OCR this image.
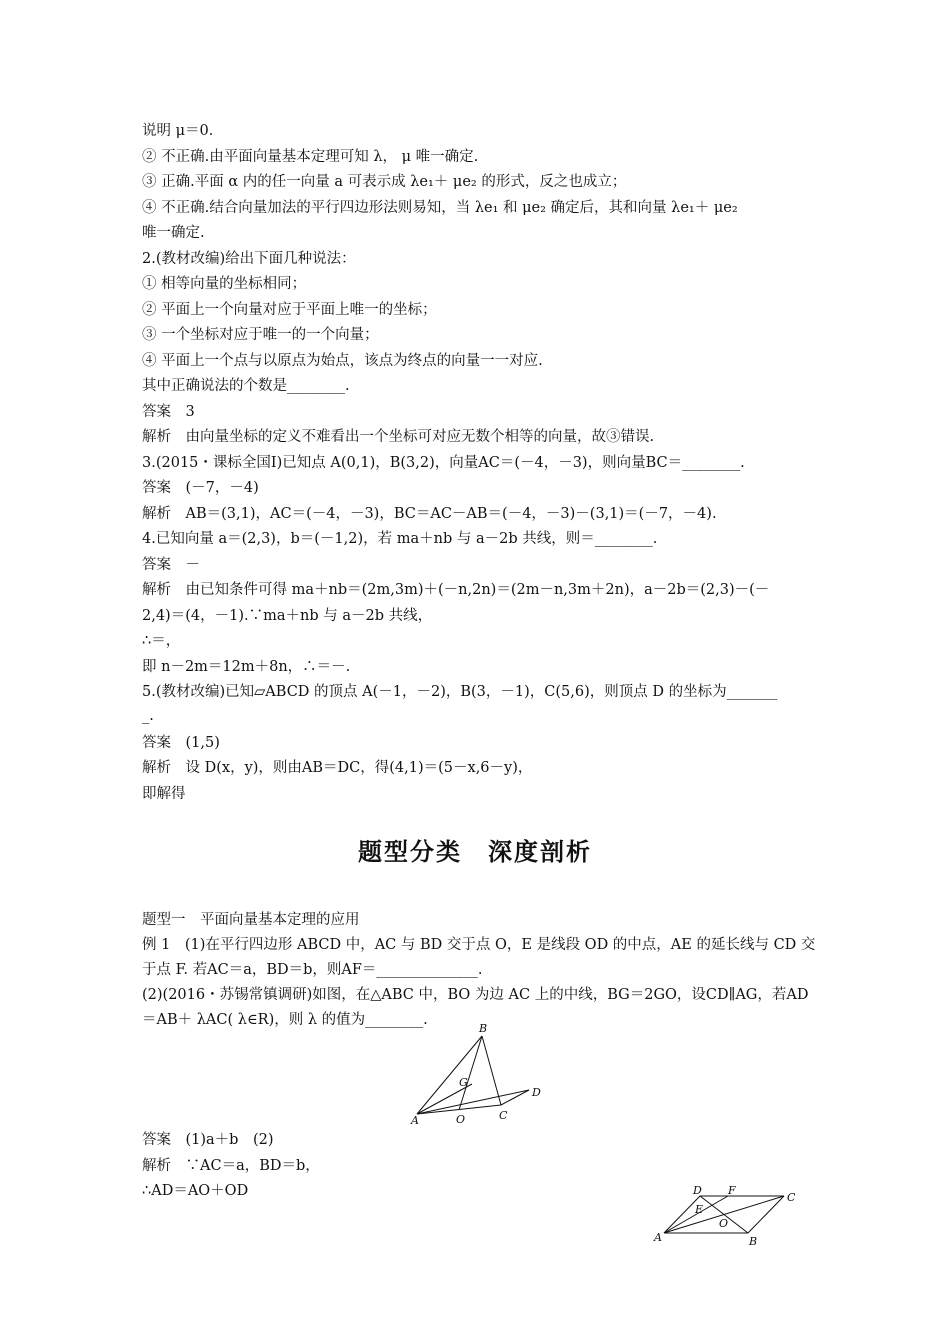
说明 μ＝0.
② 不正确.由平面向量基本定理可知 λ， μ 唯一确定.
③ 正确.平面 α 内的任一向量 a 可表示成 λe₁＋ μe₂ 的形式，反之也成立；
④ 不正确.结合向量加法的平行四边形法则易知，当 λe₁ 和 μe₂ 确定后，其和向量 λe₁＋ μe₂
唯一确定.
2.(教材改编)给出下面几种说法：
① 相等向量的坐标相同；
② 平面上一个向量对应于平面上唯一的坐标；
③ 一个坐标对应于唯一的一个向量；
④ 平面上一个点与以原点为始点，该点为终点的向量一一对应.
其中正确说法的个数是________.
答案　3
解析　由向量坐标的定义不难看出一个坐标可对应无数个相等的向量，故③错误.
3.(2015・课标全国Ⅰ)已知点 A(0,1)，B(3,2)，向量AC＝(－4，－3)，则向量BC＝________.
答案　(－7，－4)
解析　AB＝(3,1)，AC＝(－4，－3)，BC＝AC－AB＝(－4，－3)－(3,1)＝(－7，－4).
4.已知向量 a＝(2,3)，b＝(－1,2)，若 ma＋nb 与 a－2b 共线，则＝________.
答案　－
解析　由已知条件可得 ma＋nb＝(2m,3m)＋(－n,2n)＝(2m－n,3m＋2n)，a－2b＝(2,3)－(－
2,4)＝(4，－1).∵ma＋nb 与 a－2b 共线，
∴＝，
即 n－2m＝12m＋8n，∴＝－.
5.(教材改编)已知▱ABCD 的顶点 A(－1，－2)，B(3，－1)，C(5,6)，则顶点 D 的坐标为_______
_.
答案　(1,5)
解析　设 D(x，y)，则由AB＝DC，得(4,1)＝(5－x,6－y)，
即解得
题型分类　深度剖析
题型一　平面向量基本定理的应用
例 1　(1)在平行四边形 ABCD 中，AC 与 BD 交于点 O，E 是线段 OD 的中点，AE 的延长线与 CD 交
于点 F. 若AC＝a，BD＝b，则AF＝______________.
(2)(2016・苏锡常镇调研)如图，在△ABC 中，BO 为边 AC 上的中线，BG＝2GO，设CD∥AG，若AD
＝AB＋ λAC( λ∈R)，则 λ 的值为________.
B
G
D
A	O	C
答案　(1)a＋b　(2)
解析　∵AC＝a，BD＝b，
∴AD＝AO＋OD	D F
C
E
O
A	B
